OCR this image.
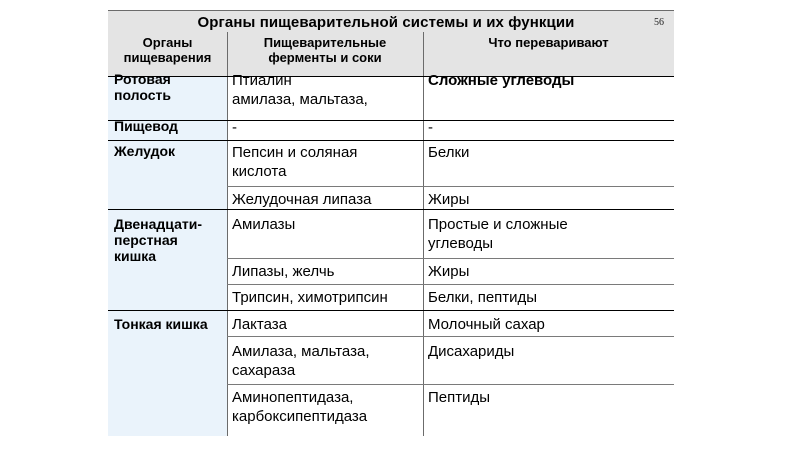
Органы пищеварительной системы и их функции	56
Органы
пищеварения
Пищеварительные
ферменты и соки
Что переваривают
Ротовая
полость
Пищевод
Желудок
Двенадцати-
перстная
кишка
Тонкая кишка
Птиалин
амилаза, мальтаза,
-
Пепсин и соляная
кислота
Желудочная липаза
Амилазы
Липазы, желчь
Трипсин, химотрипсин
Лактаза
Амилаза, мальтаза,
сахараза
Аминопептидаза,
карбоксипептидаза
Сложные углеводы
-
Белки
Жиры
Простые и сложные
углеводы
Жиры
Белки, пептиды
Молочный сахар
Дисахариды
Пептиды
